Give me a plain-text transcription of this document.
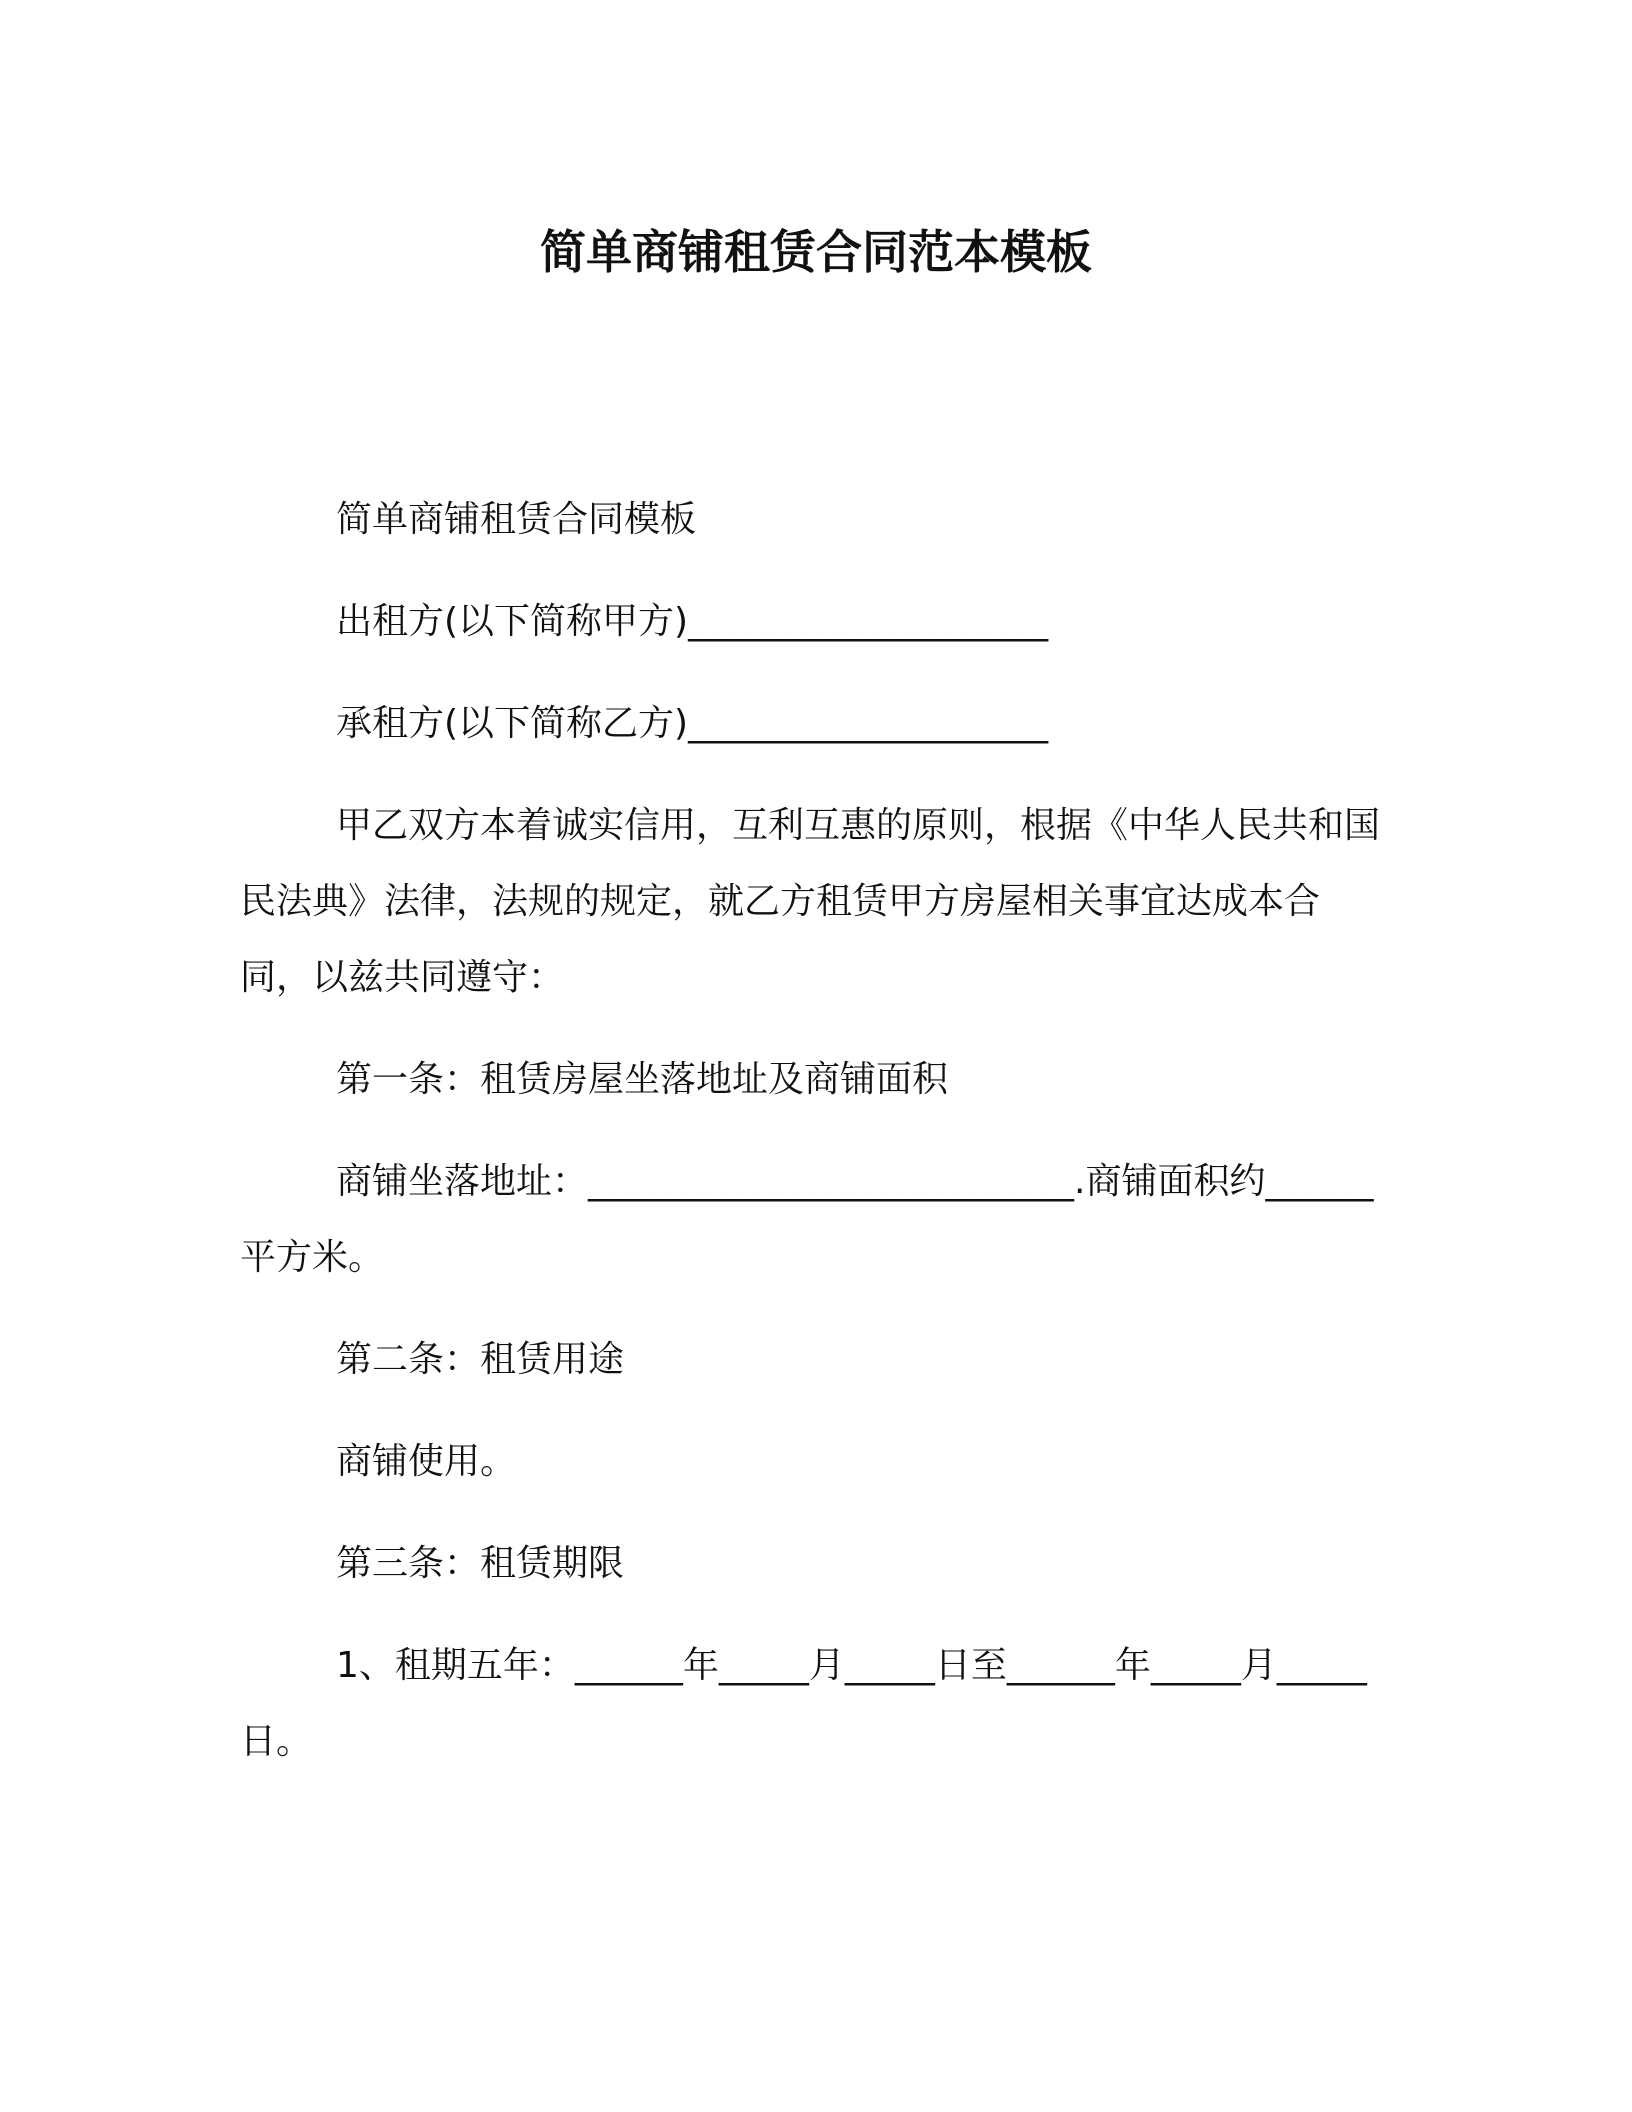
简单商铺租赁合同范本模板

简单商铺租赁合同模板

出租方(以下简称甲方)____________________

承租方(以下简称乙方)____________________

甲乙双方本着诚实信用，互利互惠的原则，根据《中华人民共和国民法典》法律，法规的规定，就乙方租赁甲方房屋相关事宜达成本合同，以兹共同遵守：

第一条：租赁房屋坐落地址及商铺面积

商铺坐落地址：___________________________.商铺面积约______平方米。

第二条：租赁用途

商铺使用。

第三条：租赁期限

1、租期五年：______年_____月_____日至______年_____月_____日。
